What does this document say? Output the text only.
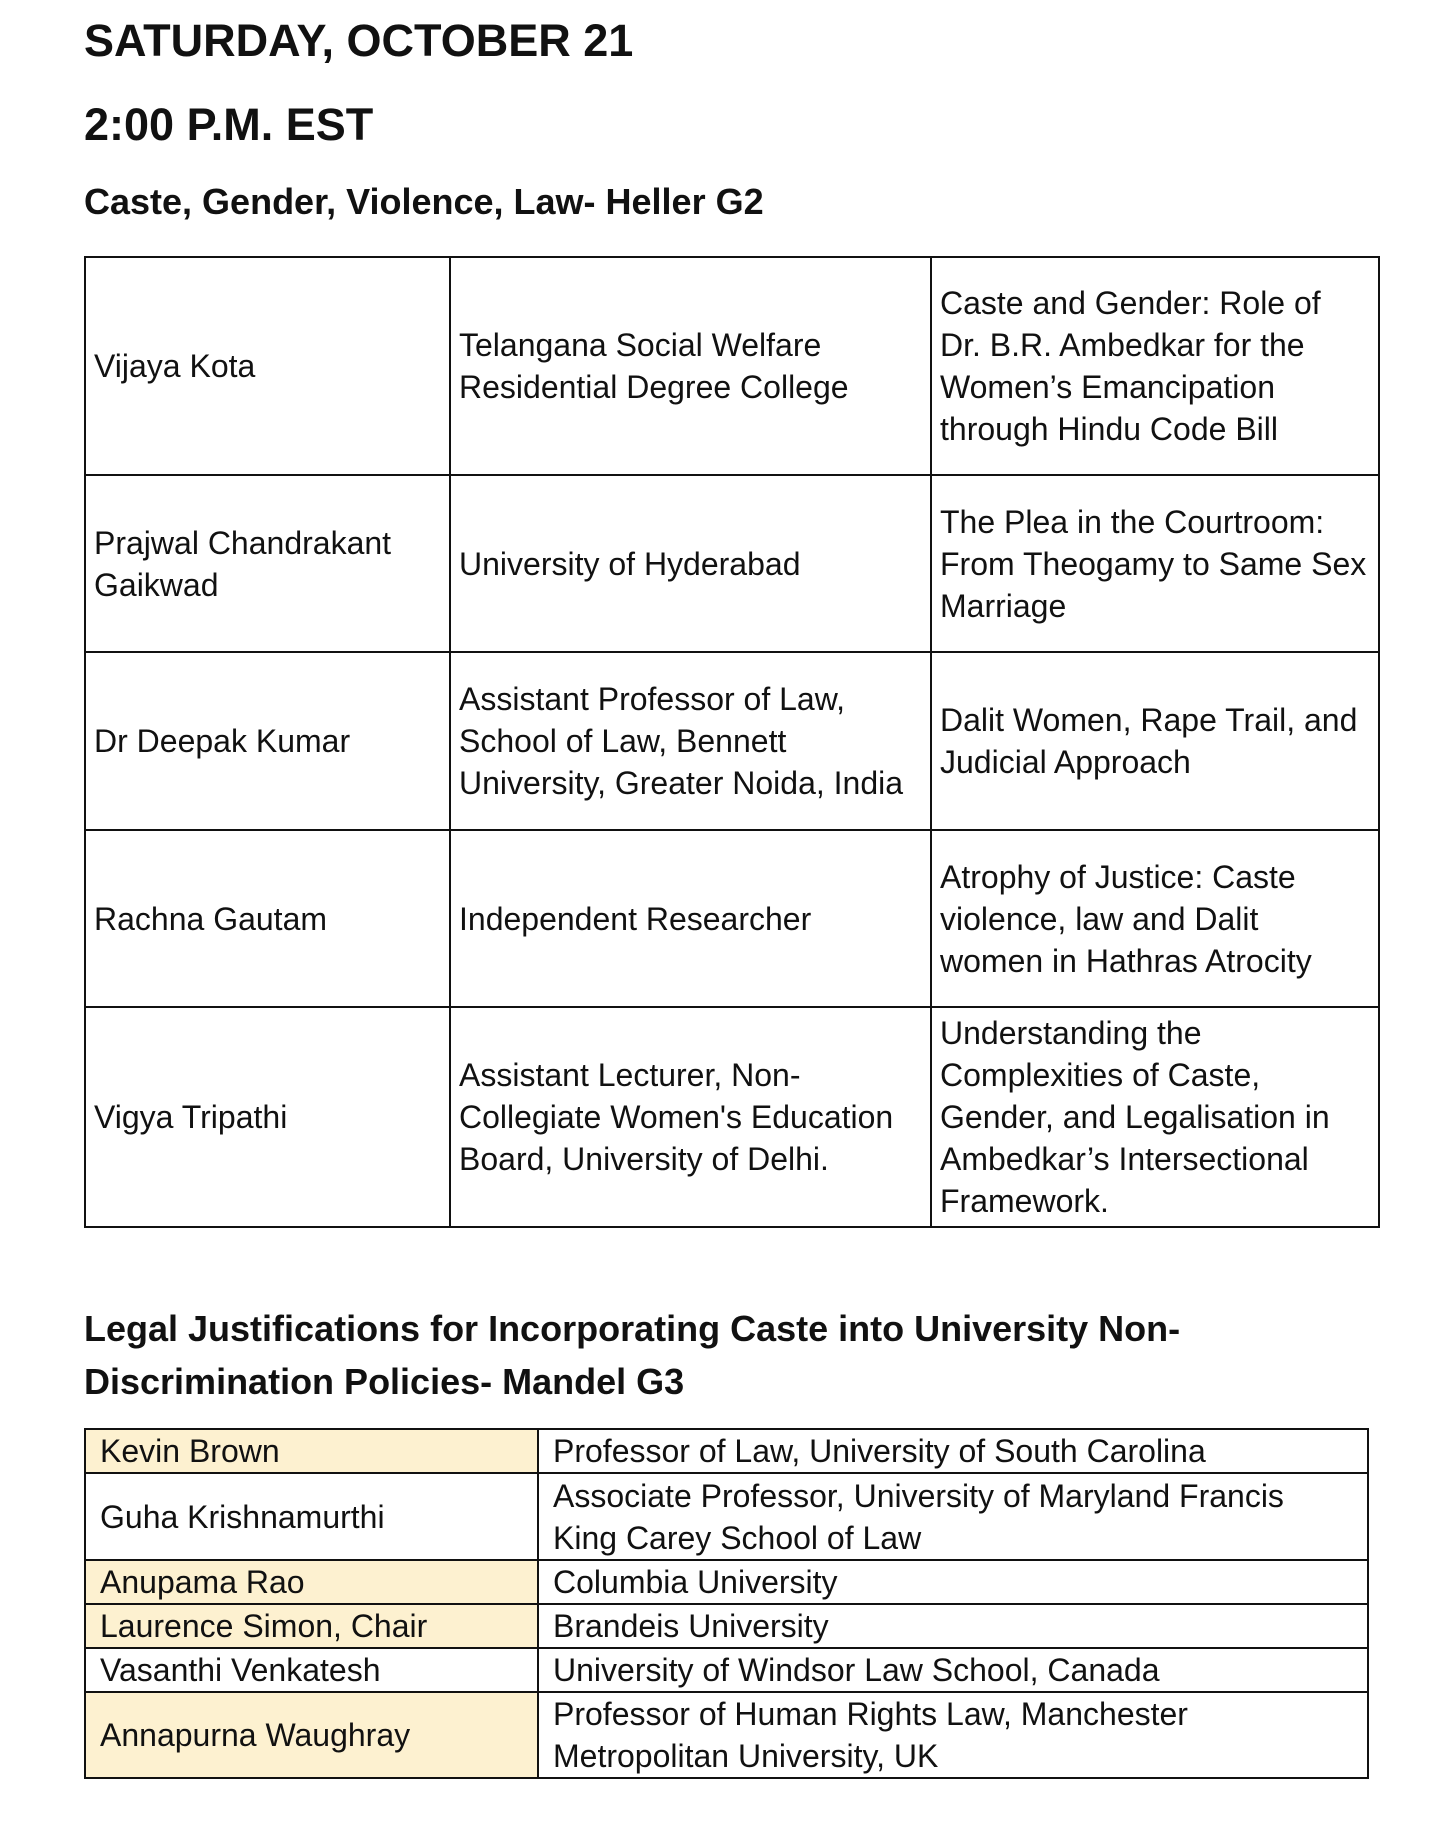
SATURDAY, OCTOBER 21
2:00 P.M. EST
Caste, Gender, Violence, Law- Heller G2
Vijaya Kota	Telangana Social Welfare Residential Degree College	Caste and Gender: Role of Dr. B.R. Ambedkar for the Women’s Emancipation through Hindu Code Bill
Prajwal Chandrakant Gaikwad	University of Hyderabad	The Plea in the Courtroom: From Theogamy to Same Sex Marriage
Dr Deepak Kumar	Assistant Professor of Law, School of Law, Bennett University, Greater Noida, India	Dalit Women, Rape Trail, and Judicial Approach
Rachna Gautam	Independent Researcher	Atrophy of Justice: Caste violence, law and Dalit women in Hathras Atrocity
Vigya Tripathi	Assistant Lecturer, Non-Collegiate Women's Education Board, University of Delhi.	Understanding the Complexities of Caste, Gender, and Legalisation in Ambedkar’s Intersectional Framework.
Legal Justifications for Incorporating Caste into University Non-Discrimination Policies- Mandel G3
Kevin Brown	Professor of Law, University of South Carolina
Guha Krishnamurthi	Associate Professor, University of Maryland Francis King Carey School of Law
Anupama Rao	Columbia University
Laurence Simon, Chair	Brandeis University
Vasanthi Venkatesh	University of Windsor Law School, Canada
Annapurna Waughray	Professor of Human Rights Law, Manchester Metropolitan University, UK
